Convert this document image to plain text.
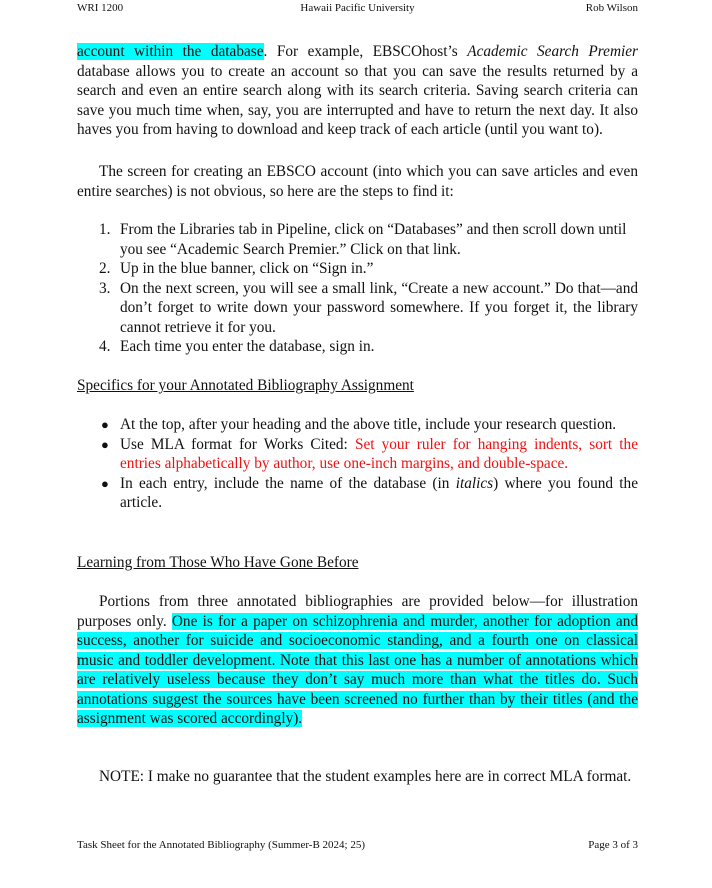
WRI 1200	Hawaii Pacific University	Rob Wilson

account within the database. For example, EBSCOhost’s Academic Search Premier database allows you to create an account so that you can save the results returned by a search and even an entire search along with its search criteria. Saving search criteria can save you much time when, say, you are interrupted and have to return the next day. It also haves you from having to download and keep track of each article (until you want to).

The screen for creating an EBSCO account (into which you can save articles and even entire searches) is not obvious, so here are the steps to find it:

1. From the Libraries tab in Pipeline, click on “Databases” and then scroll down until you see “Academic Search Premier.” Click on that link.
2. Up in the blue banner, click on “Sign in.”
3. On the next screen, you will see a small link, “Create a new account.” Do that—and don’t forget to write down your password somewhere. If you forget it, the library cannot retrieve it for you.
4. Each time you enter the database, sign in.
Specifics for your Annotated Bibliography Assignment
● At the top, after your heading and the above title, include your research question.
● Use MLA format for Works Cited: Set your ruler for hanging indents, sort the entries alphabetically by author, use one-inch margins, and double-space.
● In each entry, include the name of the database (in italics) where you found the article.
Learning from Those Who Have Gone Before

Portions from three annotated bibliographies are provided below—for illustration purposes only. One is for a paper on schizophrenia and murder, another for adoption and success, another for suicide and socioeconomic standing, and a fourth one on classical music and toddler development. Note that this last one has a number of annotations which are relatively useless because they don’t say much more than what the titles do. Such annotations suggest the sources have been screened no further than by their titles (and the assignment was scored accordingly).

NOTE: I make no guarantee that the student examples here are in correct MLA format.

Task Sheet for the Annotated Bibliography (Summer-B 2024; 25)	Page 3 of 3
